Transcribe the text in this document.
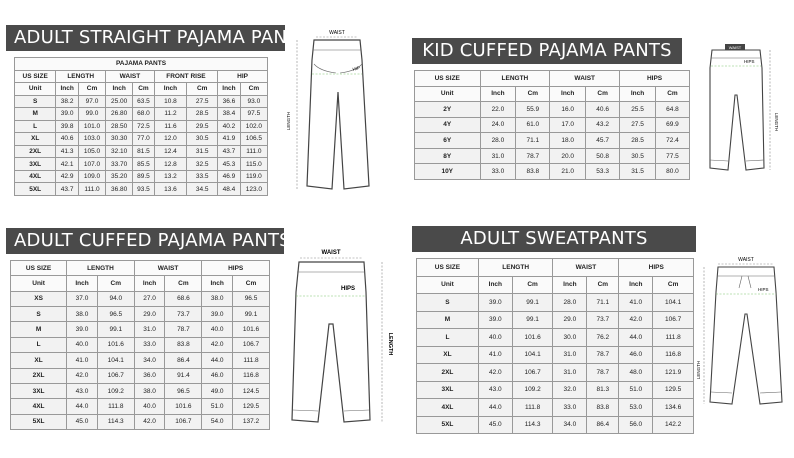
ADULT STRAIGHT PAJAMA PANTS
PAJAMA PANTS								
US SIZE	LENGTH		WAIST		FRONT RISE		HIP	
Unit	Inch	Cm	Inch	Cm	Inch	Cm	Inch	Cm
S	38.2	97.0	25.00	63.5	10.8	27.5	36.6	93.0
M	39.0	99.0	26.80	68.0	11.2	28.5	38.4	97.5
L	39.8	101.0	28.50	72.5	11.6	29.5	40.2	102.0
XL	40.6	103.0	30.30	77.0	12.0	30.5	41.9	106.5
2XL	41.3	105.0	32.10	81.5	12.4	31.5	43.7	111.0
3XL	42.1	107.0	33.70	85.5	12.8	32.5	45.3	115.0
4XL	42.9	109.0	35.20	89.5	13.2	33.5	46.9	119.0
5XL	43.7	111.0	36.80	93.5	13.6	34.5	48.4	123.0
WAIST
HIP
LENGTH
KID CUFFED PAJAMA PANTS
US SIZE	LENGTH		WAIST		HIPS	
Unit	Inch	Cm	Inch	Cm	Inch	Cm
2Y	22.0	55.9	16.0	40.6	25.5	64.8
4Y	24.0	61.0	17.0	43.2	27.5	69.9
6Y	28.0	71.1	18.0	45.7	28.5	72.4
8Y	31.0	78.7	20.0	50.8	30.5	77.5
10Y	33.0	83.8	21.0	53.3	31.5	80.0
WAIST
HIPS
LENGTH
ADULT CUFFED PAJAMA PANTS
US SIZE	LENGTH		WAIST		HIPS	
Unit	Inch	Cm	Inch	Cm	Inch	Cm
XS	37.0	94.0	27.0	68.6	38.0	96.5
S	38.0	96.5	29.0	73.7	39.0	99.1
M	39.0	99.1	31.0	78.7	40.0	101.6
L	40.0	101.6	33.0	83.8	42.0	106.7
XL	41.0	104.1	34.0	86.4	44.0	111.8
2XL	42.0	106.7	36.0	91.4	46.0	116.8
3XL	43.0	109.2	38.0	96.5	49.0	124.5
4XL	44.0	111.8	40.0	101.6	51.0	129.5
5XL	45.0	114.3	42.0	106.7	54.0	137.2
WAIST
HIPS
LENGTH
ADULT SWEATPANTS
US SIZE	LENGTH		WAIST		HIPS	
Unit	Inch	Cm	Inch	Cm	Inch	Cm
S	39.0	99.1	28.0	71.1	41.0	104.1
M	39.0	99.1	29.0	73.7	42.0	106.7
L	40.0	101.6	30.0	76.2	44.0	111.8
XL	41.0	104.1	31.0	78.7	46.0	116.8
2XL	42.0	106.7	31.0	78.7	48.0	121.9
3XL	43.0	109.2	32.0	81.3	51.0	129.5
4XL	44.0	111.8	33.0	83.8	53.0	134.6
5XL	45.0	114.3	34.0	86.4	56.0	142.2
WAIST
HIPS
LENGTH
